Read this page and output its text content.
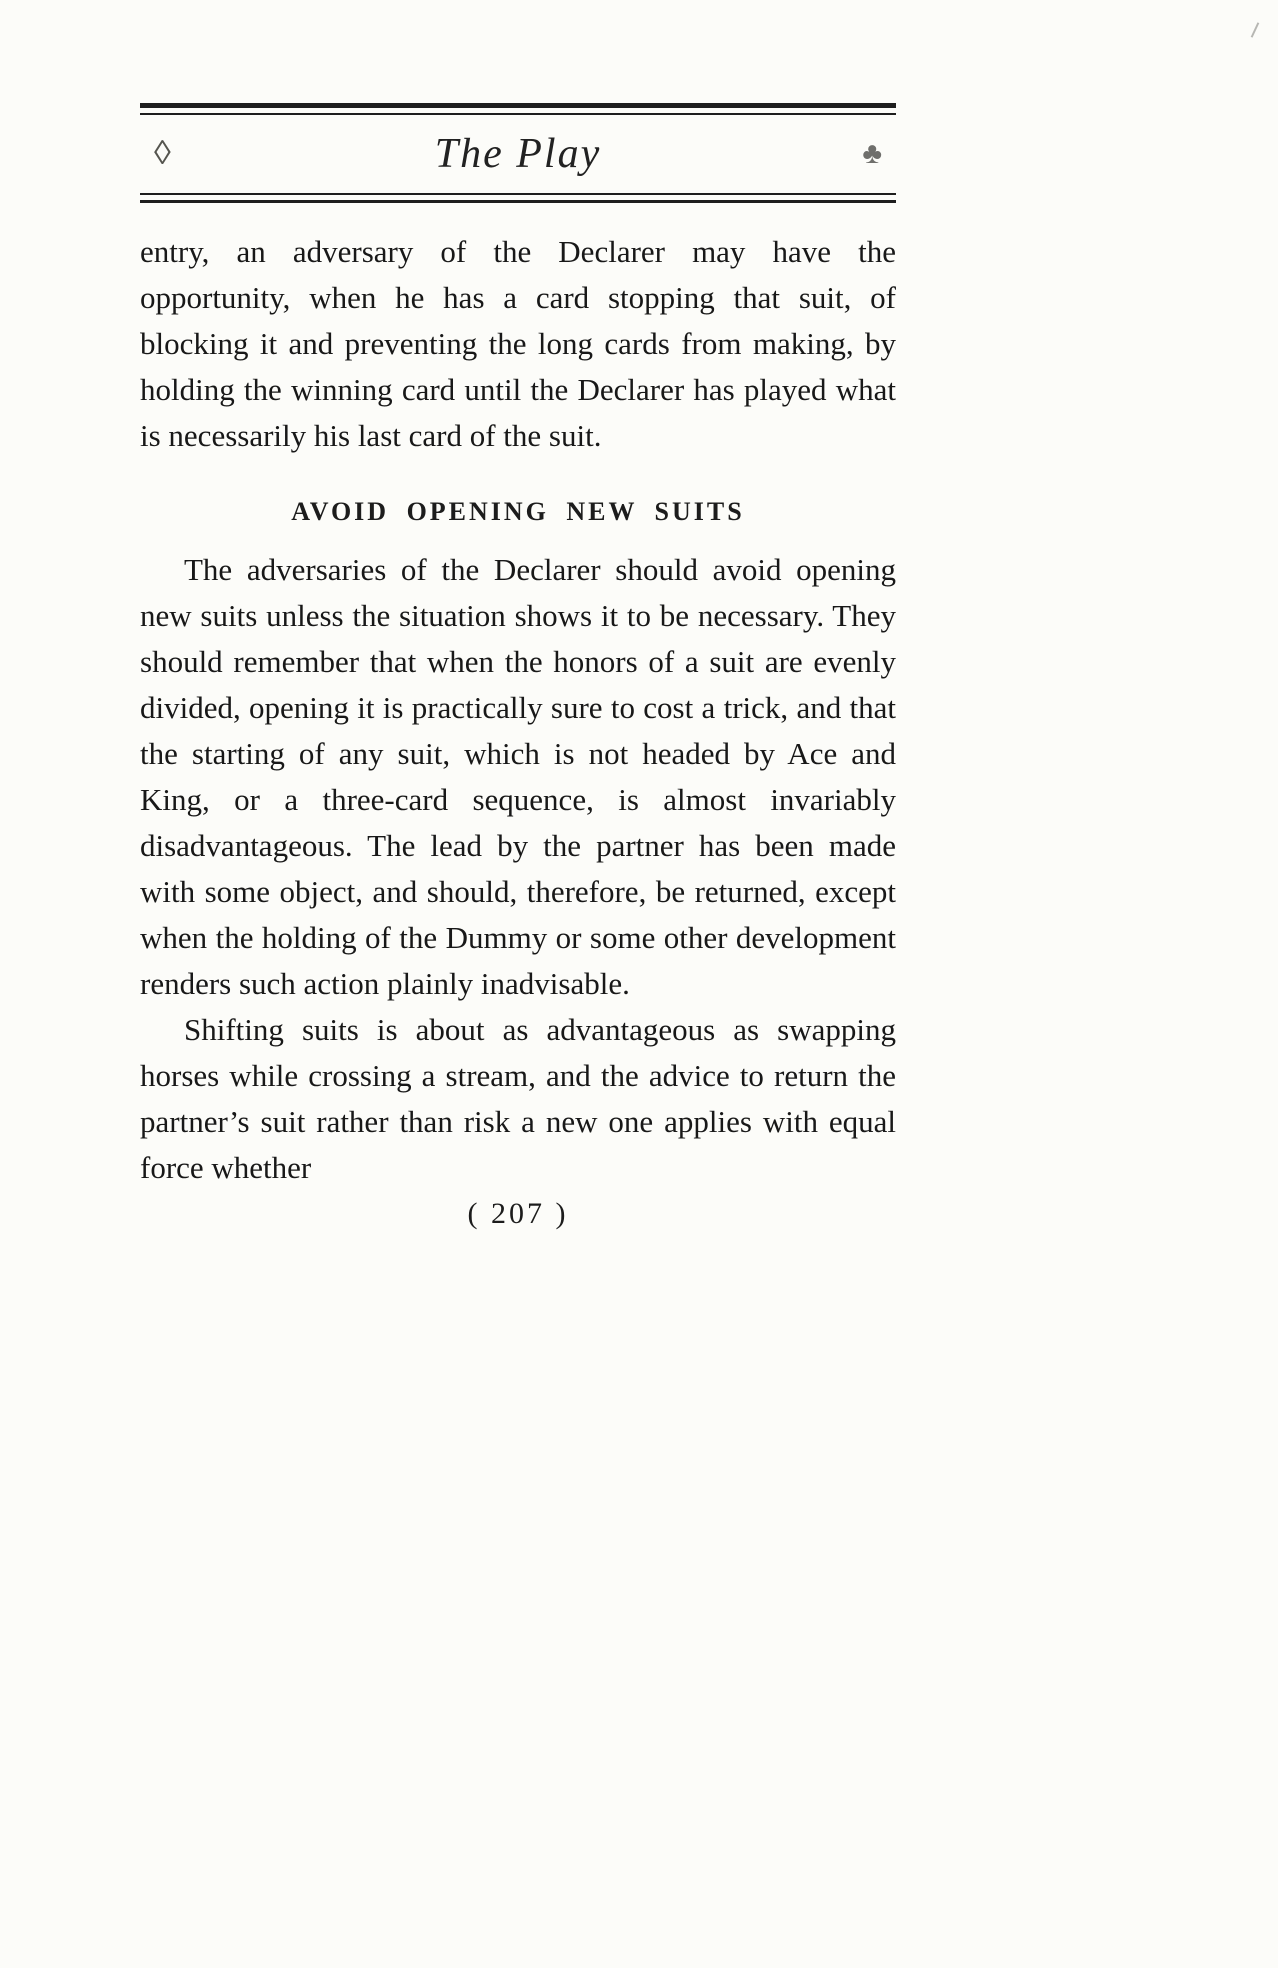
◊	The Play	♣

entry, an adversary of the Declarer may have the opportunity, when he has a card stopping that suit, of blocking it and preventing the long cards from making, by holding the winning card until the Declarer has played what is necessarily his last card of the suit.

AVOID OPENING NEW SUITS

The adversaries of the Declarer should avoid opening new suits unless the situation shows it to be necessary. They should remember that when the honors of a suit are evenly divided, opening it is practically sure to cost a trick, and that the starting of any suit, which is not headed by Ace and King, or a three-card sequence, is almost invariably disadvantageous. The lead by the partner has been made with some object, and should, therefore, be returned, except when the holding of the Dummy or some other development renders such action plainly inadvisable.

Shifting suits is about as advantageous as swapping horses while crossing a stream, and the advice to return the partner’s suit rather than risk a new one applies with equal force whether

( 207 )
